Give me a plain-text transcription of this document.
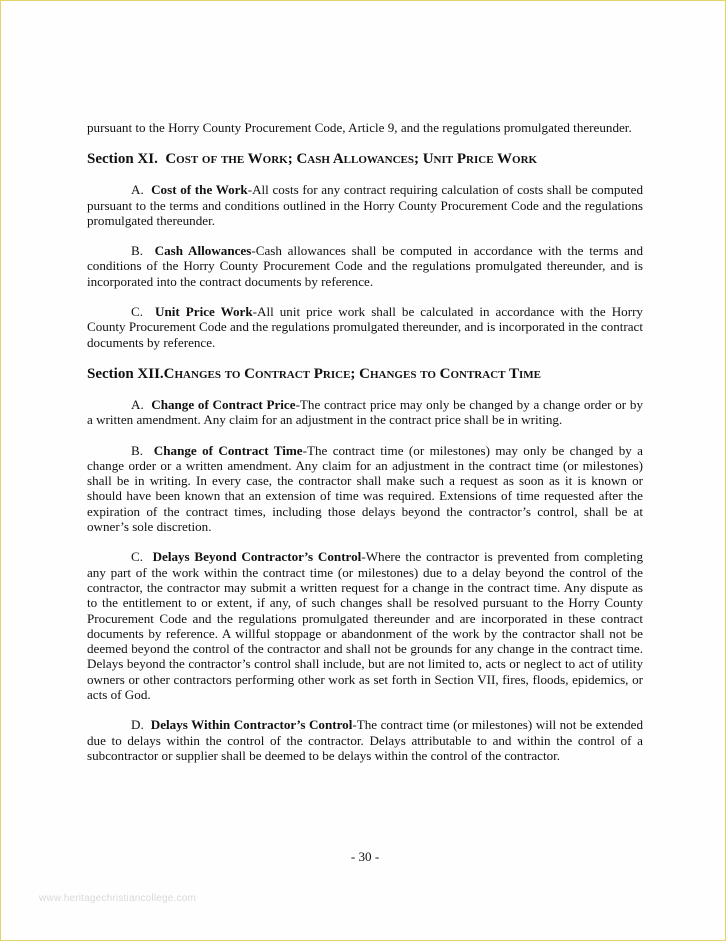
pursuant to the Horry County Procurement Code, Article 9, and the regulations promulgated thereunder.

Section XI. Cost of the Work; Cash Allowances; Unit Price Work

A. Cost of the Work-All costs for any contract requiring calculation of costs shall be computed pursuant to the terms and conditions outlined in the Horry County Procurement Code and the regulations promulgated thereunder.

B. Cash Allowances-Cash allowances shall be computed in accordance with the terms and conditions of the Horry County Procurement Code and the regulations promulgated thereunder, and is incorporated into the contract documents by reference.

C. Unit Price Work-All unit price work shall be calculated in accordance with the Horry County Procurement Code and the regulations promulgated thereunder, and is incorporated in the contract documents by reference.

Section XII.Changes to Contract Price; Changes to Contract Time

A. Change of Contract Price-The contract price may only be changed by a change order or by a written amendment. Any claim for an adjustment in the contract price shall be in writing.

B. Change of Contract Time-The contract time (or milestones) may only be changed by a change order or a written amendment. Any claim for an adjustment in the contract time (or milestones) shall be in writing. In every case, the contractor shall make such a request as soon as it is known or should have been known that an extension of time was required. Extensions of time requested after the expiration of the contract times, including those delays beyond the contractor’s control, shall be at owner’s sole discretion.

C. Delays Beyond Contractor’s Control-Where the contractor is prevented from completing any part of the work within the contract time (or milestones) due to a delay beyond the control of the contractor, the contractor may submit a written request for a change in the contract time. Any dispute as to the entitlement to or extent, if any, of such changes shall be resolved pursuant to the Horry County Procurement Code and the regulations promulgated thereunder and are incorporated in these contract documents by reference. A willful stoppage or abandonment of the work by the contractor shall not be deemed beyond the control of the contractor and shall not be grounds for any change in the contract time. Delays beyond the contractor’s control shall include, but are not limited to, acts or neglect to act of utility owners or other contractors performing other work as set forth in Section VII, fires, floods, epidemics, or acts of God.

D. Delays Within Contractor’s Control-The contract time (or milestones) will not be extended due to delays within the control of the contractor. Delays attributable to and within the control of a subcontractor or supplier shall be deemed to be delays within the control of the contractor.

- 30 -
www.heritagechristiancollege.com
